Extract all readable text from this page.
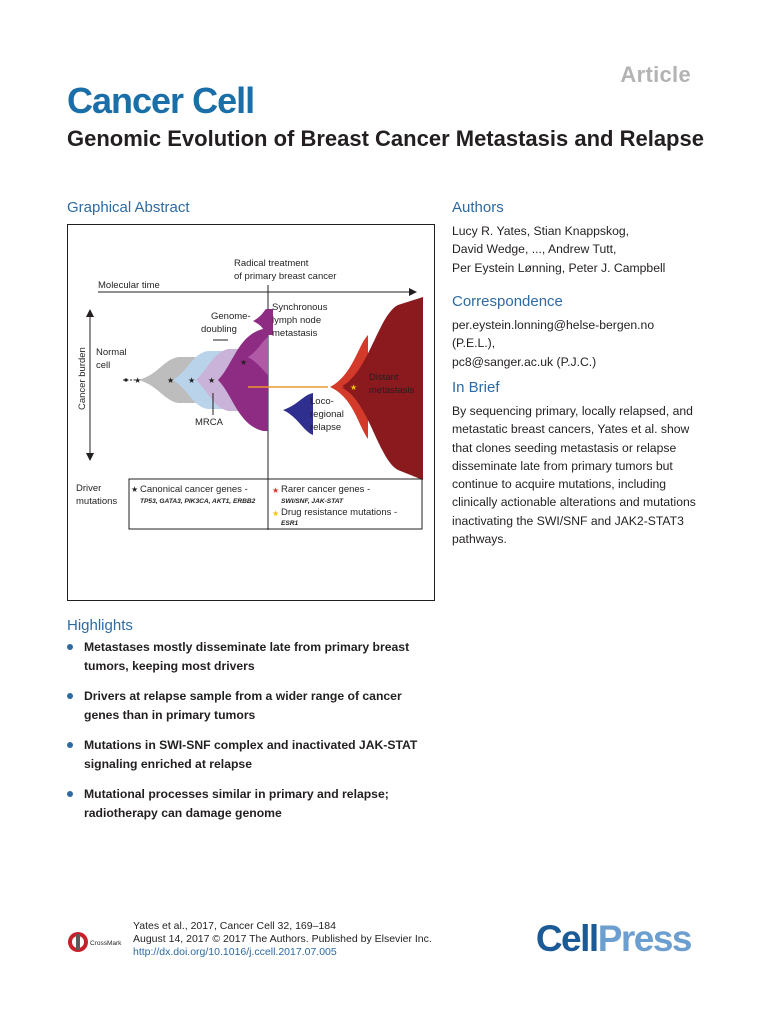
Article
Cancer Cell
Genomic Evolution of Breast Cancer Metastasis and Relapse
Graphical Abstract
Molecular time
Radical treatment
of primary breast cancer
Cancer burden	★	★ ★ ★
★
★ ★
Genome-
doubling
Synchronous
lymph node
metastasis
Normal
cell
Distant
metastasis
MRCA
Loco-
regional
relapse
Driver
mutations
★ Canonical cancer genes -
TP53, GATA3, PIK3CA, AKT1, ERBB2
★ Rarer cancer genes -
SWI/SNF, JAK-STAT
★ Drug resistance mutations -
ESR1
Authors
Lucy R. Yates, Stian Knappskog,
David Wedge, ..., Andrew Tutt,
Per Eystein Lønning, Peter J. Campbell
Correspondence
per.eystein.lonning@helse-bergen.no
(P.E.L.),
pc8@sanger.ac.uk (P.J.C.)
In Brief
By sequencing primary, locally relapsed, and metastatic breast cancers, Yates et al. show that clones seeding metastasis or relapse disseminate late from primary tumors but continue to acquire mutations, including clinically actionable alterations and mutations inactivating the SWI/SNF and JAK2-STAT3 pathways.
Highlights
Metastases mostly disseminate late from primary breast tumors, keeping most drivers
Drivers at relapse sample from a wider range of cancer genes than in primary tumors
Mutations in SWI-SNF complex and inactivated JAK-STAT signaling enriched at relapse
Mutational processes similar in primary and relapse; radiotherapy can damage genome
CrossMark
Yates et al., 2017, Cancer Cell 32, 169–184
August 14, 2017 © 2017 The Authors. Published by Elsevier Inc.
http://dx.doi.org/10.1016/j.ccell.2017.07.005	CellPress
